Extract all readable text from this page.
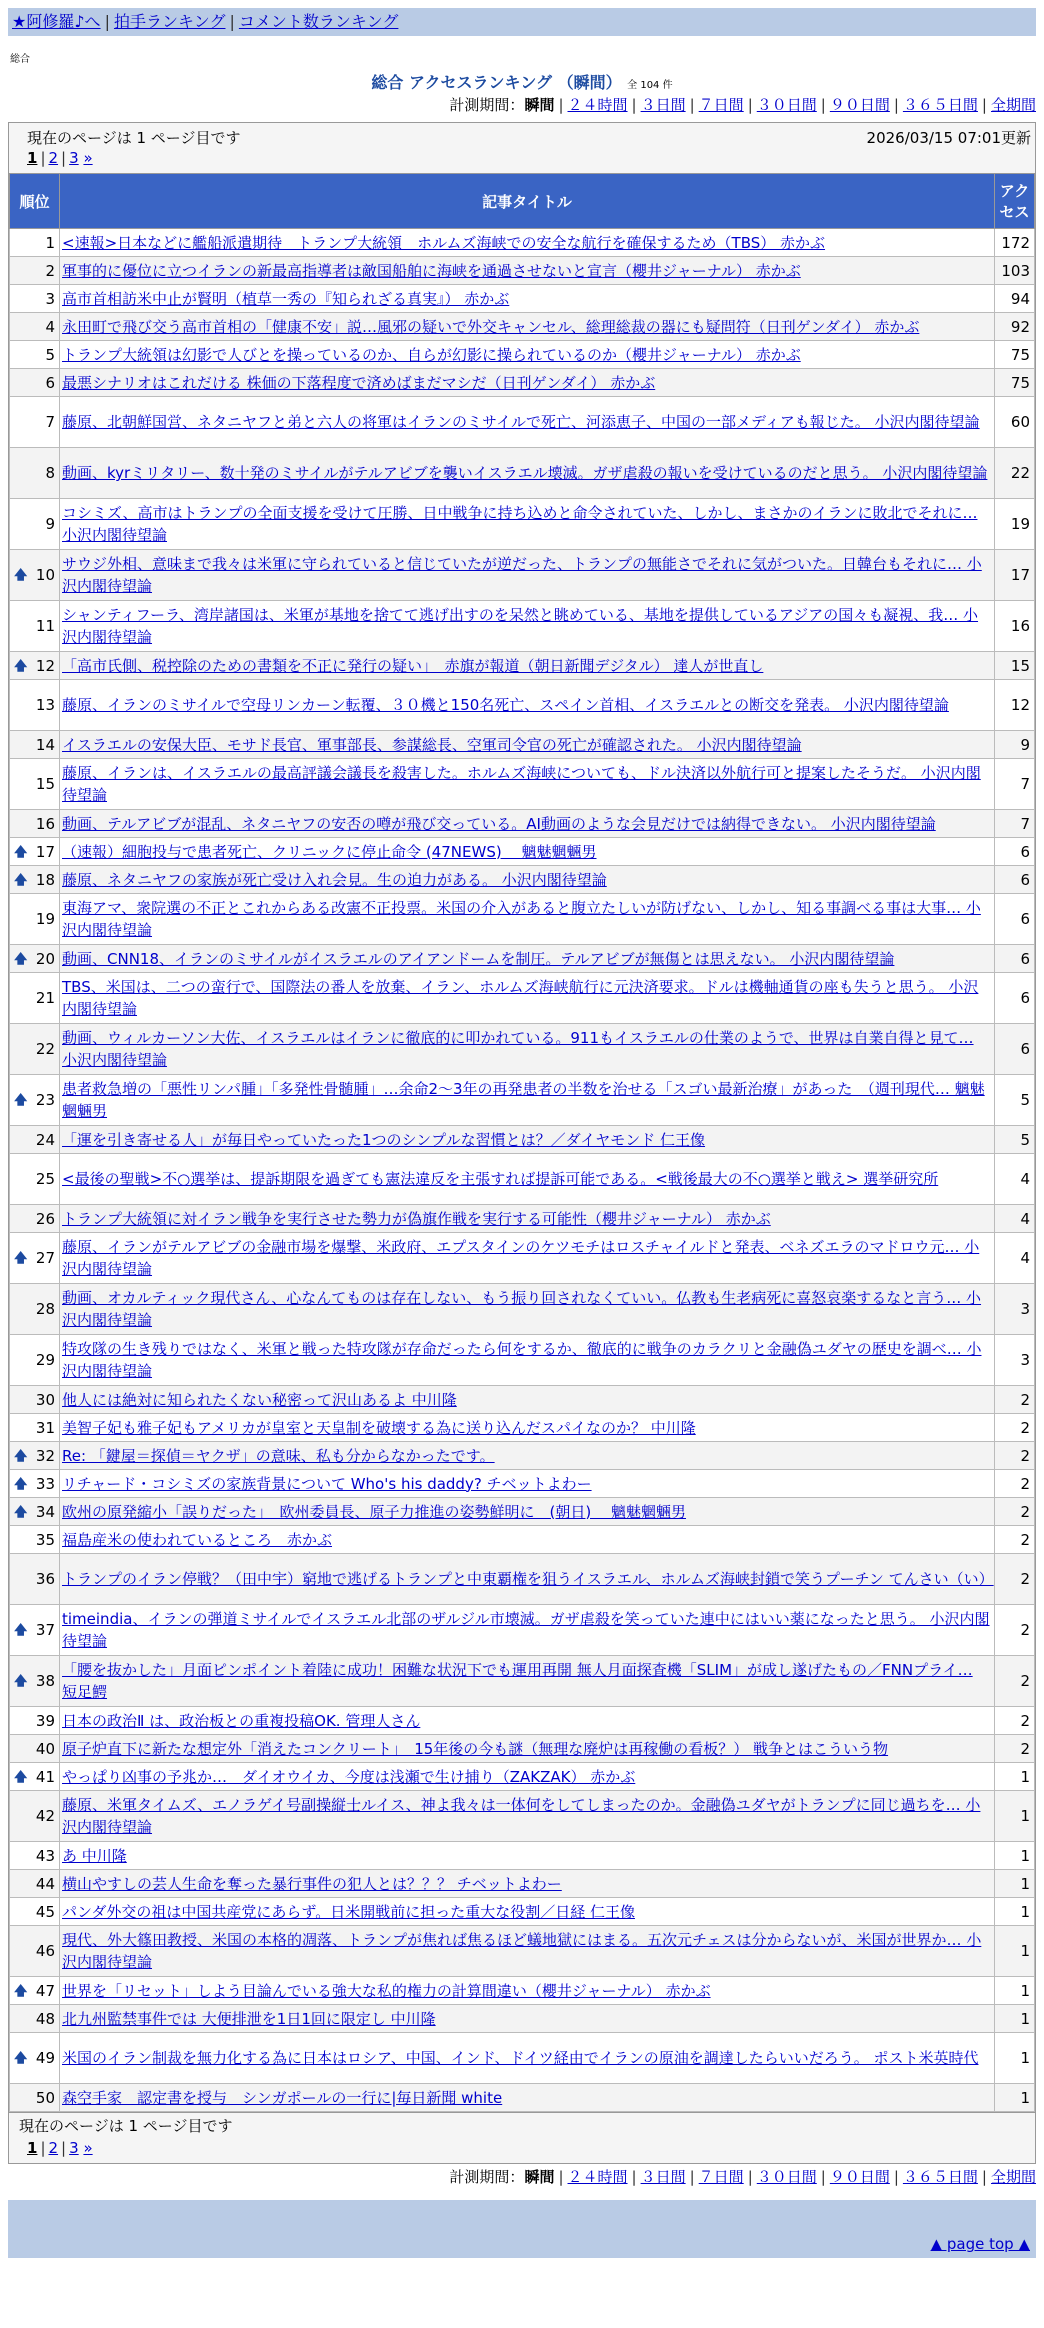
★阿修羅♪へ | 拍手ランキング | コメント数ランキング
総合
総合 アクセスランキング （瞬間） 全 104 件
計測期間：瞬間 | ２４時間 | ３日間 | ７日間 | ３０日間 | ９０日間 | ３６５日間 | 全期間
現在のページは 1 ページ目です	2026/03/15 07:01更新
1 | 2 | 3 »
順位	記事タイトル	アクセス
1	<速報>日本などに艦船派遣期待　トランプ大統領　ホルムズ海峡での安全な航行を確保するため（TBS） 赤かぶ	172
2	軍事的に優位に立つイランの新最高指導者は敵国船舶に海峡を通過させないと宣言（櫻井ジャーナル） 赤かぶ	103
3	高市首相訪米中止が賢明（植草一秀の『知られざる真実』） 赤かぶ	94
4	永田町で飛び交う高市首相の「健康不安」説…風邪の疑いで外交キャンセル、総理総裁の器にも疑問符（日刊ゲンダイ） 赤かぶ	92
5	トランプ大統領は幻影で人びとを操っているのか、自らが幻影に操られているのか（櫻井ジャーナル） 赤かぶ	75
6	最悪シナリオはこれだける 株価の下落程度で済めばまだマシだ（日刊ゲンダイ） 赤かぶ	75
7	藤原、北朝鮮国営、ネタニヤフと弟と六人の将軍はイランのミサイルで死亡、河添恵子、中国の一部メディアも報じた。 小沢内閣待望論	60
8	動画、kyrミリタリー、数十発のミサイルがテルアビブを襲いイスラエル壊滅。ガザ虐殺の報いを受けているのだと思う。 小沢内閣待望論	22
9	コシミズ、高市はトランプの全面支援を受けて圧勝、日中戦争に持ち込めと命令されていた、しかし、まさかのイランに敗北でそれに… 小沢内閣待望論	19

🡅 10	サウジ外相、意味まで我々は米軍に守られていると信じていたが逆だった、トランプの無能さでそれに気がついた。日韓台もそれに… 小沢内閣待望論	17
11	シャンティフーラ、湾岸諸国は、米軍が基地を捨てて逃げ出すのを呆然と眺めている、基地を提供しているアジアの国々も凝視、我… 小沢内閣待望論	16

🡅 12	「高市氏側、税控除のための書類を不正に発行の疑い」　赤旗が報道（朝日新聞デジタル） 達人が世直し	15
13	藤原、イランのミサイルで空母リンカーン転覆、３０機と150名死亡、スペイン首相、イスラエルとの断交を発表。 小沢内閣待望論	12
14	イスラエルの安保大臣、モサド長官、軍事部長、参謀総長、空軍司令官の死亡が確認された。 小沢内閣待望論	9
15	藤原、イランは、イスラエルの最高評議会議長を殺害した。ホルムズ海峡についても、ドル決済以外航行可と提案したそうだ。 小沢内閣待望論	7
16	動画、テルアビブが混乱、ネタニヤフの安否の噂が飛び交っている。AI動画のような会見だけでは納得できない。 小沢内閣待望論	7

🡅 17	（速報）細胞投与で患者死亡、クリニックに停止命令 (47NEWS)　 魑魅魍魎男	6

🡅 18	藤原、ネタニヤフの家族が死亡受け入れ会見。生の迫力がある。 小沢内閣待望論	6
19	東海アマ、衆院選の不正とこれからある改憲不正投票。米国の介入があると腹立たしいが防げない、しかし、知る事調べる事は大事… 小沢内閣待望論	6

🡅 20	動画、CNN18、イランのミサイルがイスラエルのアイアンドームを制圧。テルアビブが無傷とは思えない。 小沢内閣待望論	6
21	TBS、米国は、二つの蛮行で、国際法の番人を放棄、イラン、ホルムズ海峡航行に元決済要求。ドルは機軸通貨の座も失うと思う。 小沢内閣待望論	6
22	動画、ウィルカーソン大佐、イスラエルはイランに徹底的に叩かれている。911もイスラエルの仕業のようで、世界は自業自得と見て… 小沢内閣待望論	6

🡅 23	患者救急増の「悪性リンパ腫」「多発性骨髄腫」…余命2～3年の再発患者の半数を治せる「スゴい最新治療」があった　（週刊現代… 魑魅魍魎男	5
24	「運を引き寄せる人」が毎日やっていたった1つのシンプルな習慣とは？／ダイヤモンド 仁王像	5
25	<最後の聖戦>不○選挙は、提訴期限を過ぎても憲法違反を主張すれば提訴可能である。<戦後最大の不○選挙と戦え> 選挙研究所	4
26	トランプ大統領に対イラン戦争を実行させた勢力が偽旗作戦を実行する可能性（櫻井ジャーナル） 赤かぶ	4

🡅 27	藤原、イランがテルアビブの金融市場を爆撃、米政府、エプスタインのケツモチはロスチャイルドと発表、ベネズエラのマドロウ元… 小沢内閣待望論	4
28	動画、オカルティック現代さん、心なんてものは存在しない、もう振り回されなくていい。仏教も生老病死に喜怒哀楽するなと言う… 小沢内閣待望論	3
29	特攻隊の生き残りではなく、米軍と戦った特攻隊が存命だったら何をするか、徹底的に戦争のカラクリと金融偽ユダヤの歴史を調べ… 小沢内閣待望論	3
30	他人には絶対に知られたくない秘密って沢山あるよ 中川隆	2
31	美智子妃も雅子妃もアメリカが皇室と天皇制を破壊する為に送り込んだスパイなのか？ 中川隆	2

🡅 32	Re: 「鍵屋＝探偵＝ヤクザ」の意味、私も分からなかったです。	2

🡅 33	リチャード・コシミズの家族背景について Who's his daddy? チベットよわー	2

🡅 34	欧州の原発縮小「誤りだった」　欧州委員長、原子力推進の姿勢鮮明に　(朝日)　 魑魅魍魎男	2
35	福島産米の使われているところ　赤かぶ	2
36	トランプのイラン停戦？（田中宇）窮地で逃げるトランプと中東覇権を狙うイスラエル、ホルムズ海峡封鎖で笑うプーチン てんさい（い）	2

🡅 37	timeindia、イランの弾道ミサイルでイスラエル北部のザルジル市壊滅。ガザ虐殺を笑っていた連中にはいい薬になったと思う。 小沢内閣待望論	2

🡅 38	「腰を抜かした」月面ピンポイント着陸に成功！困難な状況下でも運用再開 無人月面探査機「SLIM」が成し遂げたもの／FNNプライ… 短足鰐	2
39	日本の政治Ⅱ は、政治板との重複投稿OK. 管理人さん	2
40	原子炉直下に新たな想定外「消えたコンクリート」　15年後の今も謎（無理な廃炉は再稼働の看板？） 戦争とはこういう物	2

🡅 41	やっぱり凶事の予兆か…　ダイオウイカ、今度は浅瀬で生け捕り（ZAKZAK） 赤かぶ	1
42	藤原、米軍タイムズ、エノラゲイ号副操縦士ルイス、神よ我々は一体何をしてしまったのか。金融偽ユダヤがトランプに同じ過ちを… 小沢内閣待望論	1
43	あ 中川隆	1
44	横山やすしの芸人生命を奪った暴行事件の犯人とは？？？ チベットよわー	1
45	パンダ外交の祖は中国共産党にあらず。日米開戦前に担った重大な役割／日経 仁王像	1
46	現代、外大篠田教授、米国の本格的凋落、トランプが焦れば焦るほど蟻地獄にはまる。五次元チェスは分からないが、米国が世界か… 小沢内閣待望論	1

🡅 47	世界を「リセット」しよう目論んでいる強大な私的権力の計算間違い（櫻井ジャーナル） 赤かぶ	1
48	北九州監禁事件では 大便排泄を1日1回に限定し 中川隆	1

🡅 49	米国のイラン制裁を無力化する為に日本はロシア、中国、インド、ドイツ経由でイランの原油を調達したらいいだろう。 ポスト米英時代	1
50	森空手家　認定書を授与　シンガポールの一行に|毎日新聞 white	1
現在のページは 1 ページ目です
1 | 2 | 3 »
計測期間：瞬間 | ２４時間 | ３日間 | ７日間 | ３０日間 | ９０日間 | ３６５日間 | 全期間
▲ page top ▲
